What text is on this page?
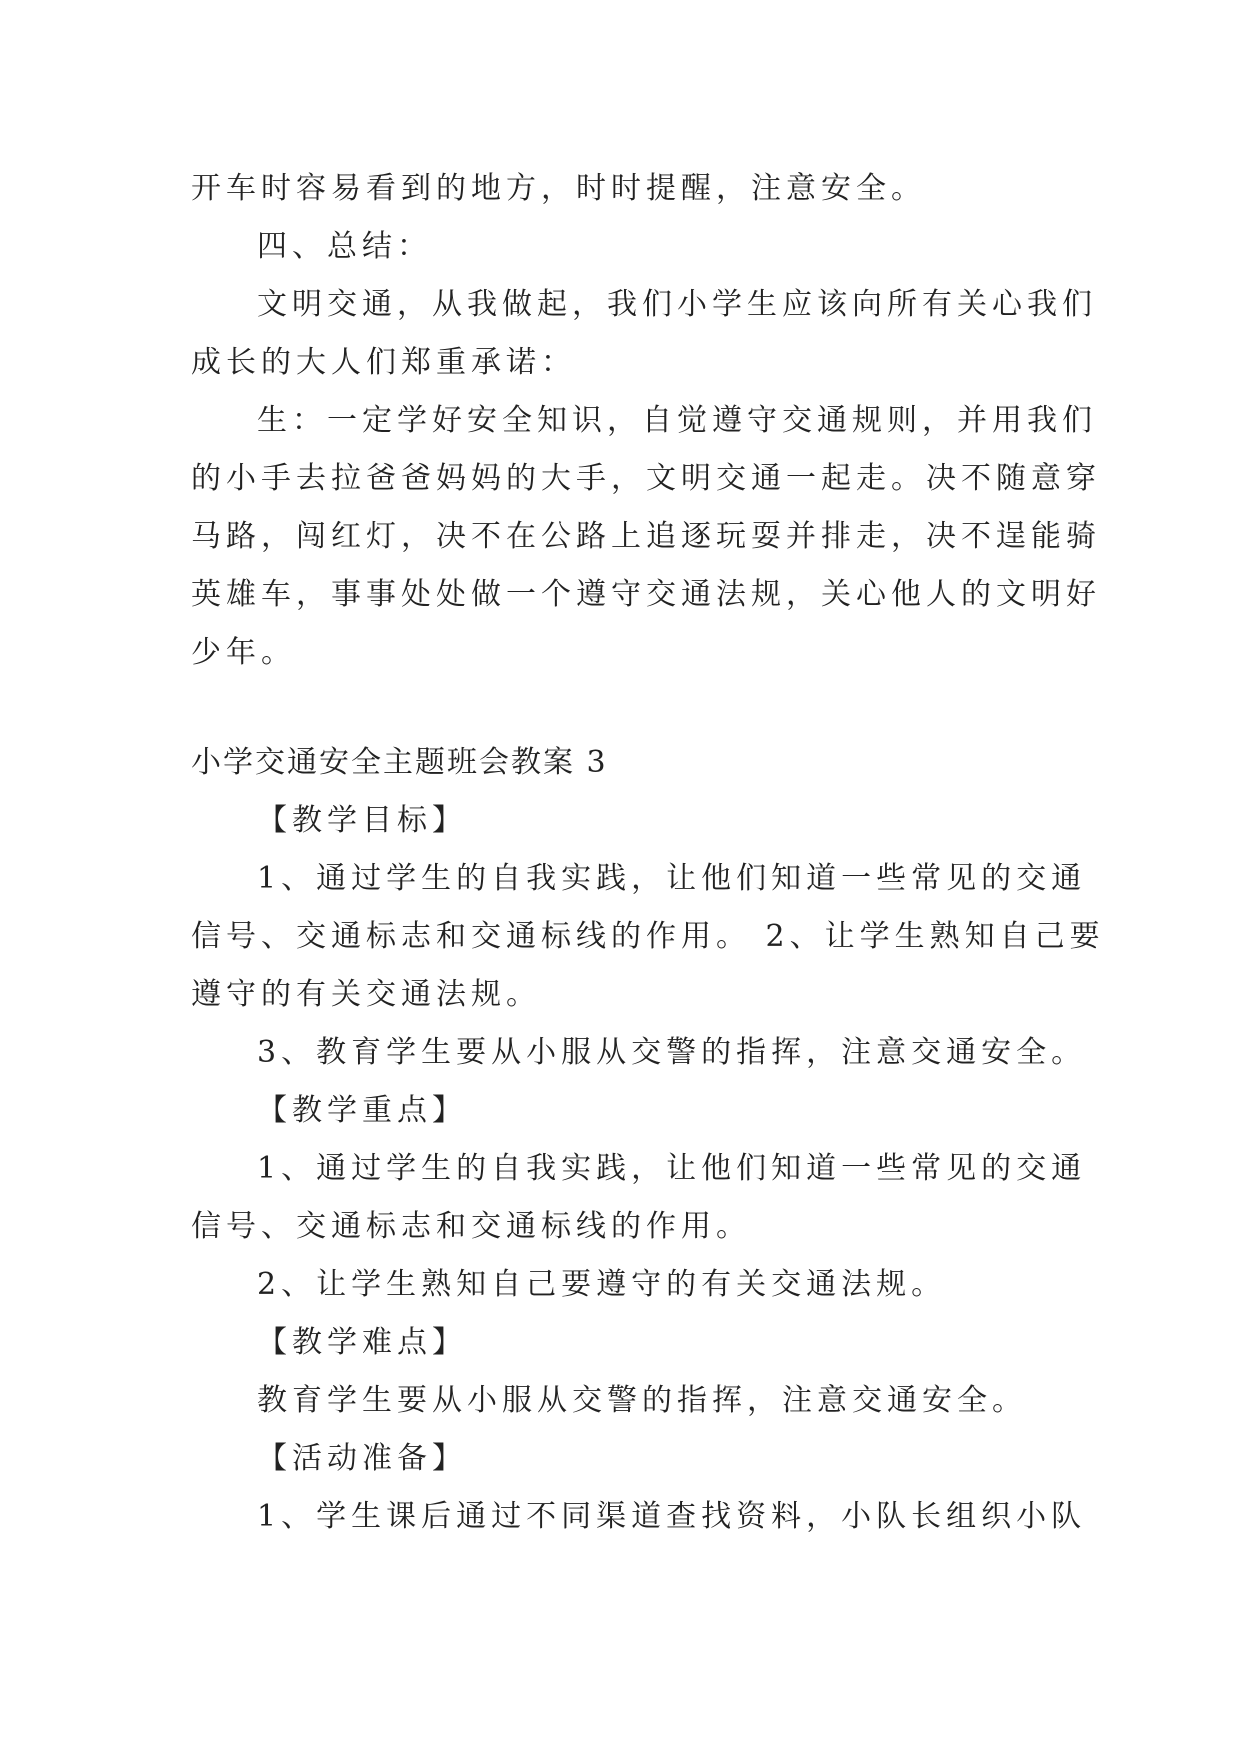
开车时容易看到的地方，时时提醒，注意安全。

四、总结：

文明交通，从我做起，我们小学生应该向所有关心我们

成长的大人们郑重承诺：

生：一定学好安全知识，自觉遵守交通规则，并用我们

的小手去拉爸爸妈妈的大手，文明交通一起走。决不随意穿

马路，闯红灯，决不在公路上追逐玩耍并排走，决不逞能骑

英雄车，事事处处做一个遵守交通法规，关心他人的文明好

少年。

小学交通安全主题班会教案 3

【教学目标】

1、通过学生的自我实践，让他们知道一些常见的交通

信号、交通标志和交通标线的作用。 2、让学生熟知自己要

遵守的有关交通法规。

3、教育学生要从小服从交警的指挥，注意交通安全。

【教学重点】

1、通过学生的自我实践，让他们知道一些常见的交通

信号、交通标志和交通标线的作用。

2、让学生熟知自己要遵守的有关交通法规。

【教学难点】

教育学生要从小服从交警的指挥，注意交通安全。

【活动准备】

1、学生课后通过不同渠道查找资料，小队长组织小队
